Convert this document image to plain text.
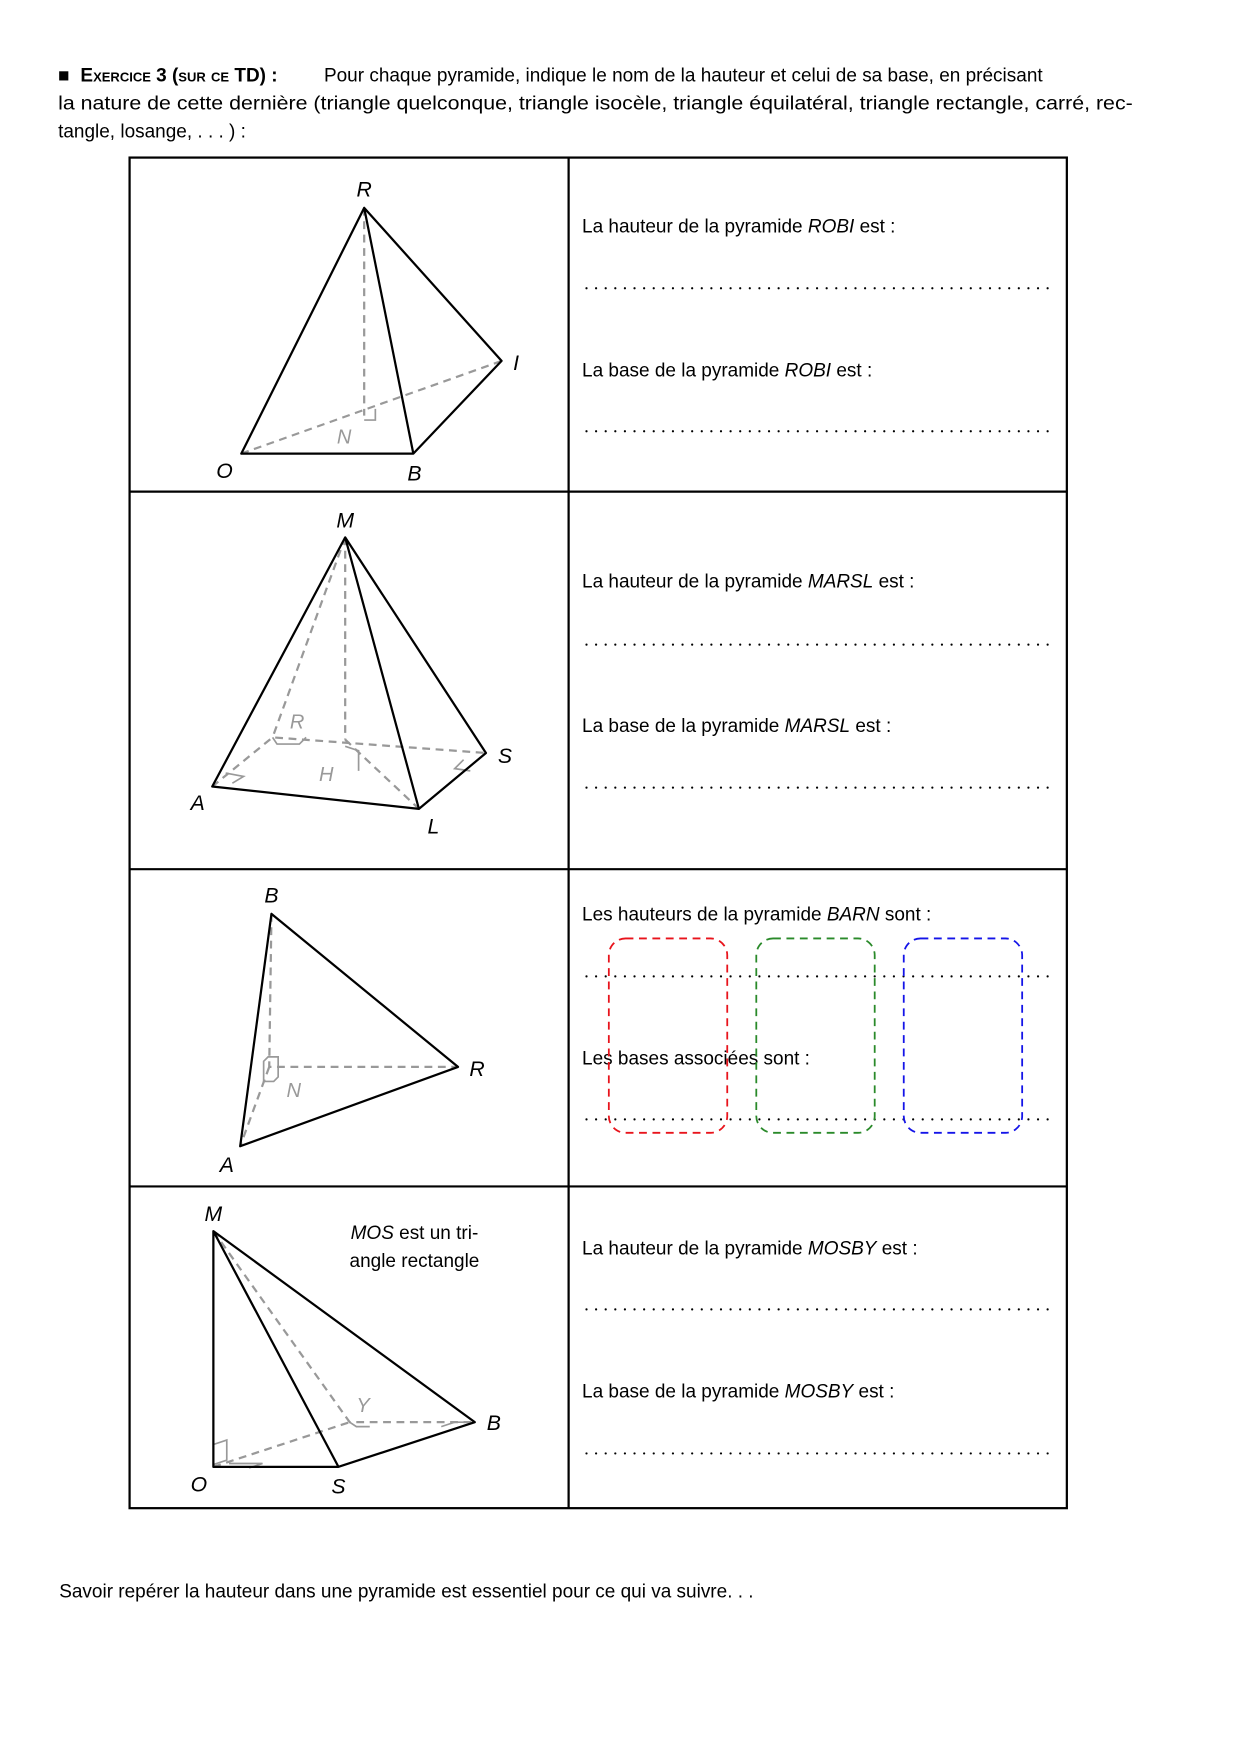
■ Exercice 3 (sur ce TD) :	Pour chaque pyramide, indique le nom de la hauteur et celui de sa base, en précisant
la nature de cette dernière (triangle quelconque, triangle isocèle, triangle équilatéral, triangle rectangle, carré, rec-
tangle, losange, . . . ) :
R
O	B
I
N
La hauteur de la pyramide ROBI est :
La base de la pyramide ROBI est :
M
A
L
S
R
H
La hauteur de la pyramide MARSL est :
La base de la pyramide MARSL est :
B
A
R
N
Les hauteurs de la pyramide BARN sont :
Les bases associées sont :
M
O	S
B
Y
MOS est un tri-
angle rectangle
La hauteur de la pyramide MOSBY est :
La base de la pyramide MOSBY est :
Savoir repérer la hauteur dans une pyramide est essentiel pour ce qui va suivre. . .
